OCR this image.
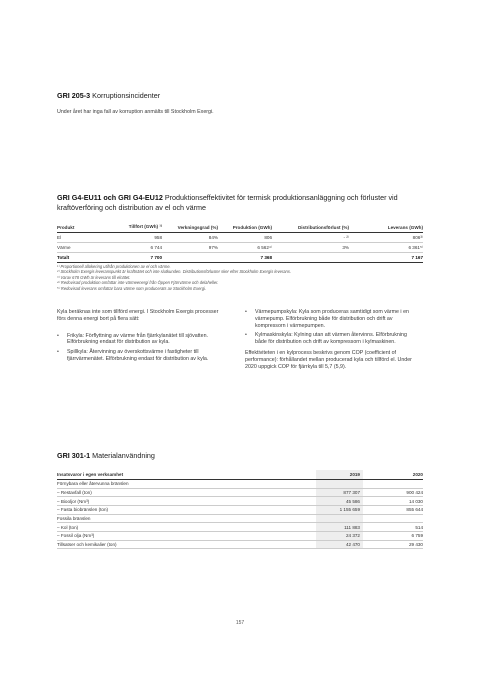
GRI 205-3 Korruptionsincidenter
Under året har inga fall av korruption anmälts till Stockholm Exergi.
GRI G4-EU11 och GRI G4-EU12 Produktionseffektivitet för termisk produktionsanläggning och förluster vid kraftöverföring och distribution av el och värme
Produkt	Tillfört (GWh) ¹⁾	Verkningsgrad (%)	Produktion (GWh)	Distributionsförlust (%)	Leverans (GWh)
El	958	84%	806	- ²⁾	806³⁾
Värme	6 744	97%	6 562⁴⁾	3%	6 361⁵⁾
Totalt	7 700		7 368		7 167
¹⁾ Proportionell allokering utifrån produktionen av el och värme.
²⁾ Stockholm Exergis leveranspunkt är kraftnätet och inte slutkunden. Distributionsförluster sker efter Stockholm Exergis leverans.
³⁾ Varav 678 GWh är leverans till elnätet.
⁴⁾ Redovisad produktion omfattar inte värmeenergi från Öppen Fjärrvärme och delaheller.
⁵⁾ Redovisad leverans omfattar bara värme som producerats av Stockholm Exergi.
Kyla beräknas inte som tillförd energi. I Stockholm Exergis processer förs denna energi bort på flera sätt:
• Frikyla: Förflyttning av värme från fjärrkylanätet till sjövatten. Elförbrukning endast för distribution av kyla.
• Spillkyla: Återvinning av överskottsvärme i fastigheter till fjärrvärmenätet. Elförbrukning endast för distribution av kyla.
• Värmepumpskyla: Kyla som produceras samtidigt som värme i en värmepump. Elförbrukning både för distribution och drift av kompressorn i värmepumpen.
• Kylmaskinskyla: Kylning utan att värmen återvinns. Elförbrukning både för distribution och drift av kompressorn i kylmaskinen.
Effektiviteten i en kylprocess beskrivs genom COP (coefficient of performance): förhållandet mellan producerad kyla och tillförd el. Under 2020 uppgick COP för fjärrkyla till 5,7 (5,9).
GRI 301-1 Materialanvändning
Insatsvaror i egen verksamhet	2019	2020
Förnybara eller återvunna bränslen		
– Restavfall (ton)	877 307	900 424
– Biooljor (Nm³)	45 586	14 030
– Fasta biobränslen (ton)	1 155 659	855 644
Fossila bränslen		
– Kol (ton)	111 883	514
– Fossil olja (Nm³)	24 372	6 759
Tillsatser och kemikalier (ton)	42 470	29 430
157
